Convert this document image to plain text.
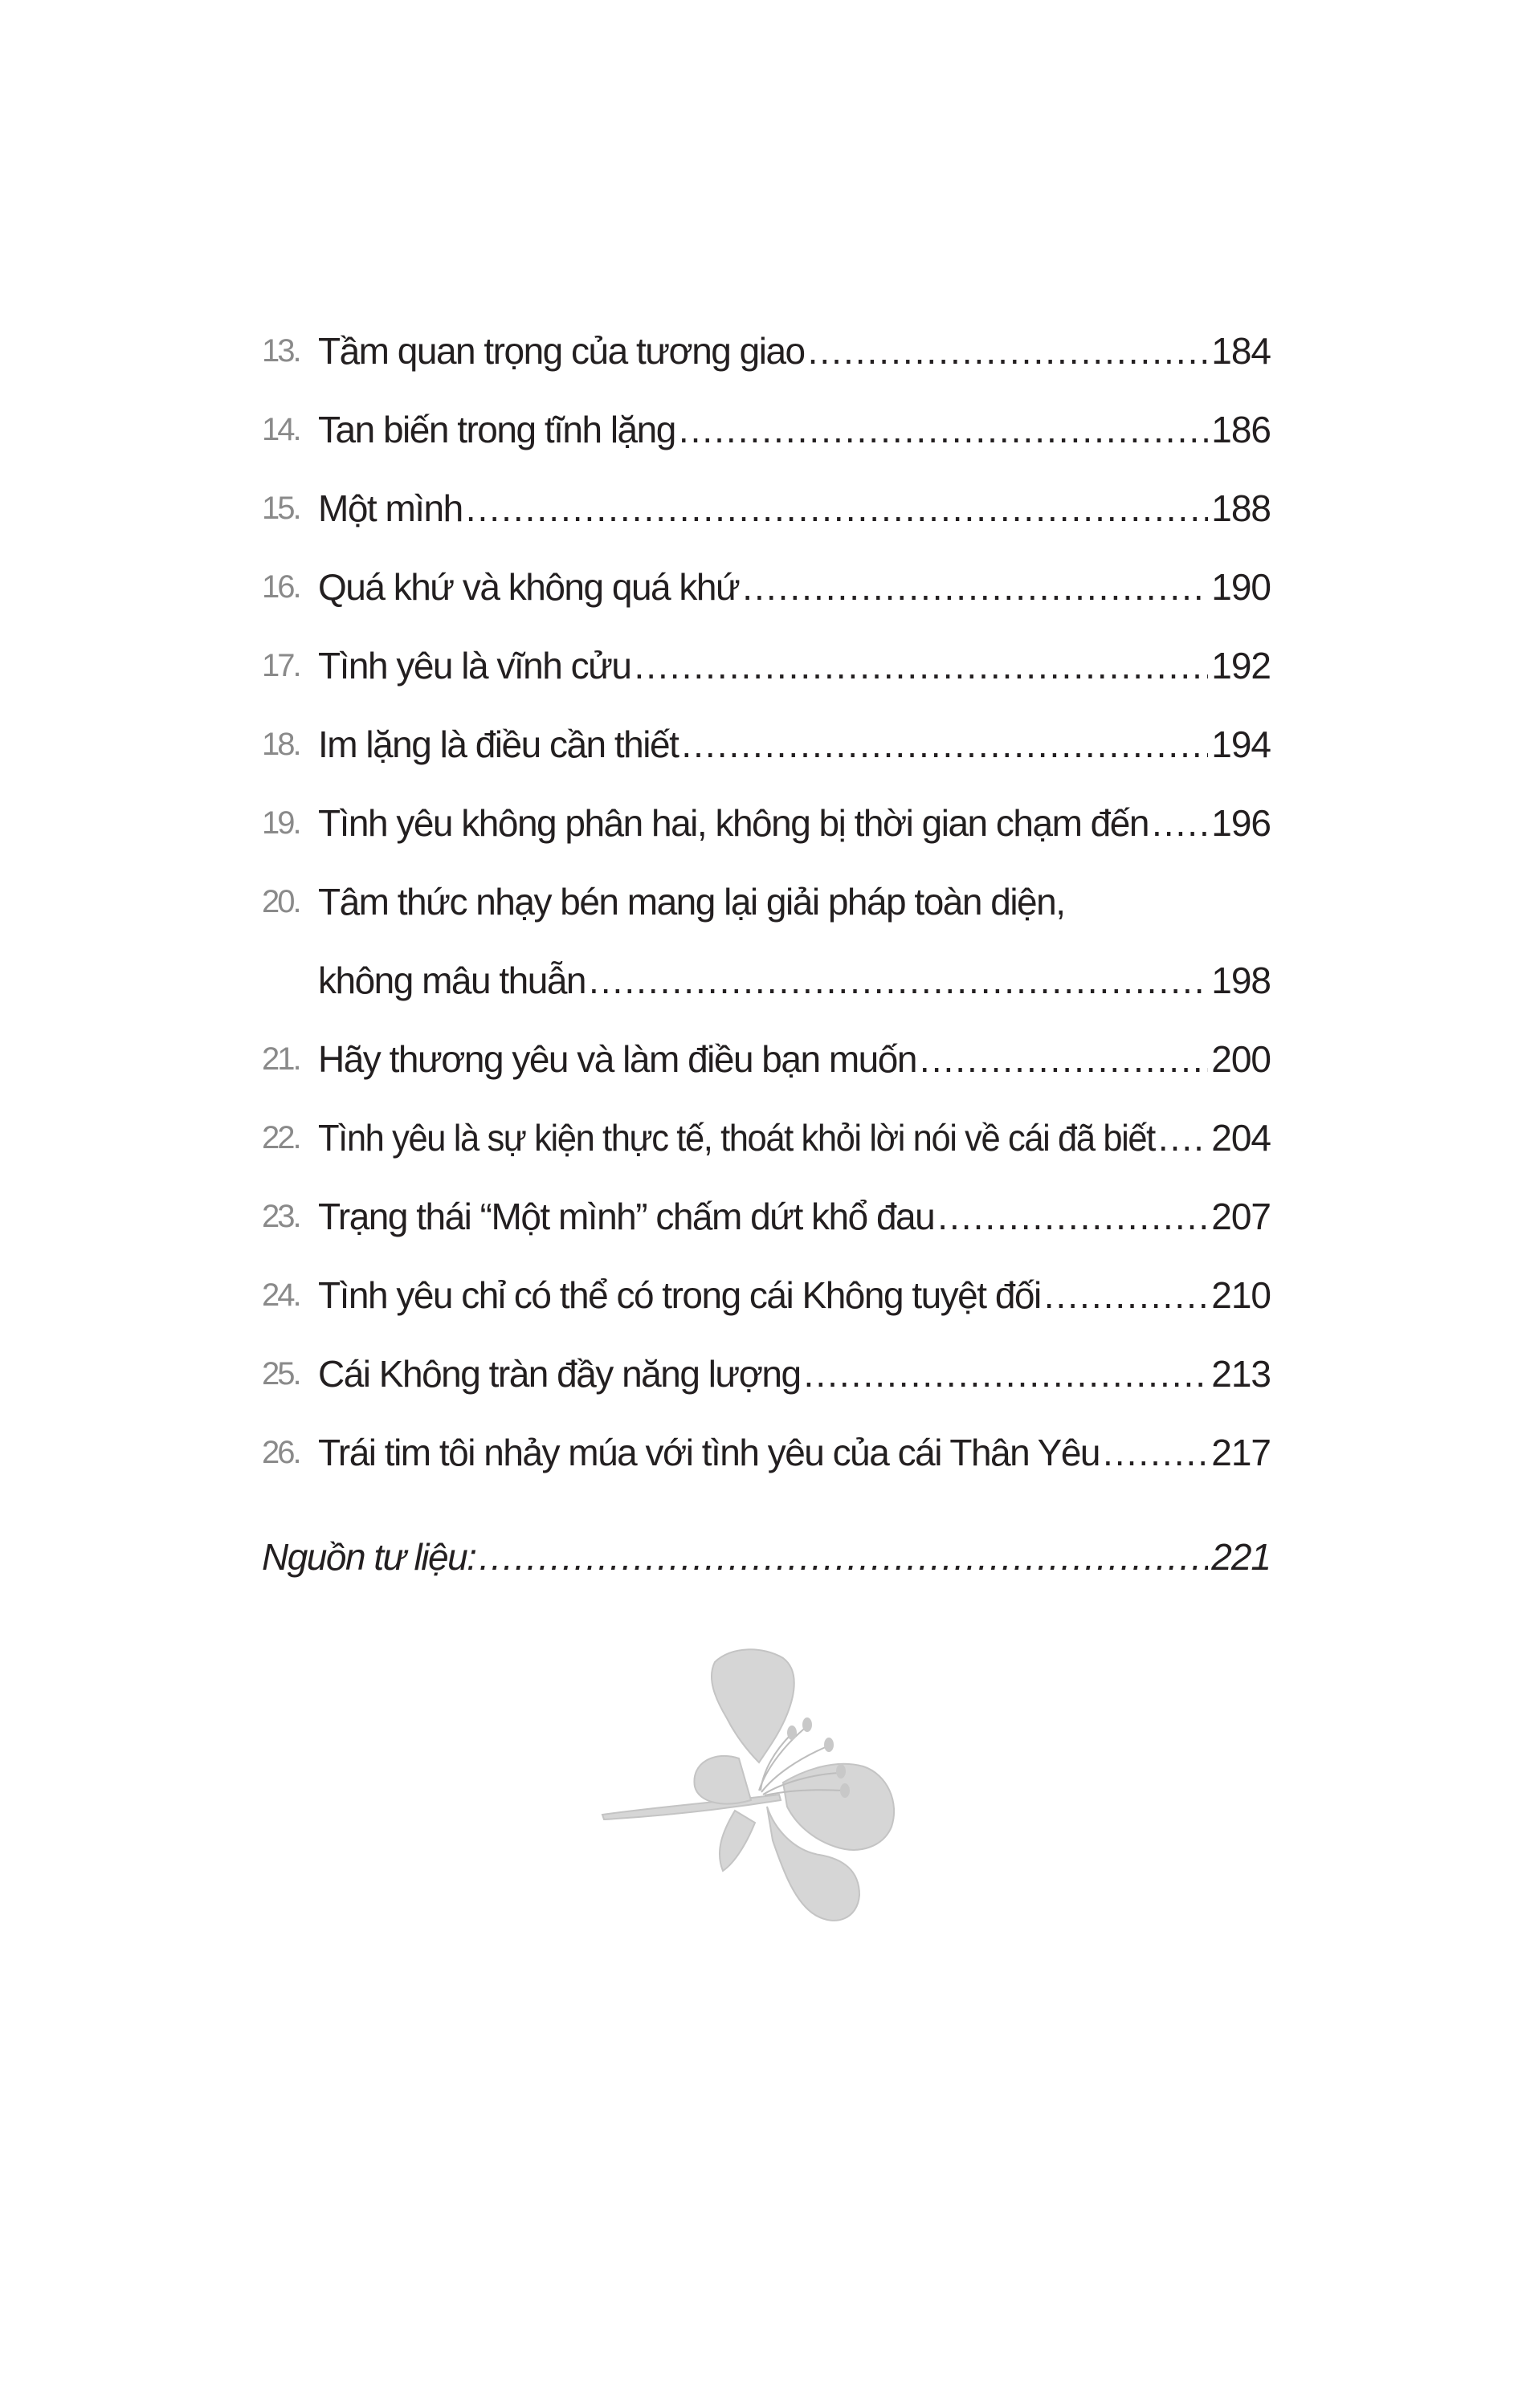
13. Tầm quan trọng của tương giao .....	184
14. Tan biến trong tĩnh lặng .....	186
15. Một mình .....	188
16. Quá khứ và không quá khứ .....	190
17. Tình yêu là vĩnh cửu .....	192
18. Im lặng là điều cần thiết .....	194
19. Tình yêu không phân hai, không bị thời gian chạm đến ..... 196
20. Tâm thức nhạy bén mang lại giải pháp toàn diện,
không mâu thuẫn .....	198
21. Hãy thương yêu và làm điều bạn muốn .....	200
22. Tình yêu là sự kiện thực tế, thoát khỏi lời nói về cái đã biết ..... 204
23. Trạng thái “Một mình” chấm dứt khổ đau .....	207
24. Tình yêu chỉ có thể có trong cái Không tuyệt đối .....	210
25. Cái Không tràn đầy năng lượng .....	213
26. Trái tim tôi nhảy múa với tình yêu của cái Thân Yêu .....	217
Nguồn tư liệu: .....	221
